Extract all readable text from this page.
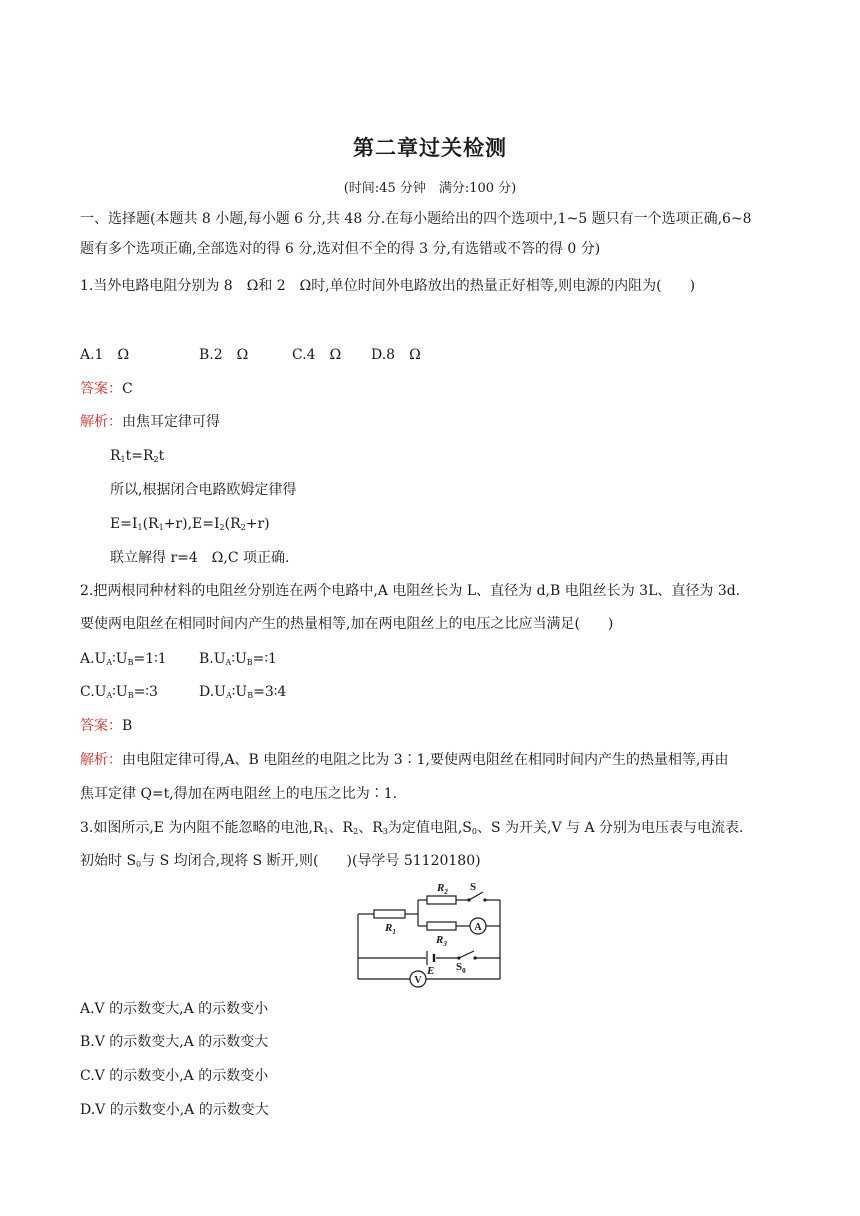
第二章过关检测
(时间:45 分钟　满分:100 分)
一、选择题(本题共 8 小题,每小题 6 分,共 48 分.在每小题给出的四个选项中,1~5 题只有一个选项正确,6~8
题有多个选项正确,全部选对的得 6 分,选对但不全的得 3 分,有选错或不答的得 0 分)
1.当外电路电阻分别为 8　Ω和 2　Ω时,单位时间外电路放出的热量正好相等,则电源的内阻为(　　)
A.1　Ω	B.2　Ω	C.4　Ω D.8　Ω
答案：C
解析：由焦耳定律可得
$R_1t=R_2t$
所以,根据闭合电路欧姆定律得
$E=I_1(R_1+r),E=I_2(R_2+r)$
联立解得 r=4　Ω,C 项正确.
2.把两根同种材料的电阻丝分别连在两个电路中,A 电阻丝长为 L、直径为 d,B 电阻丝长为 3L、直径为 3d.
要使两电阻丝在相同时间内产生的热量相等,加在两电阻丝上的电压之比应当满足(　　)
$A.U_A∶U_B=1∶1$ $B.U_A∶U_B=∶1$
$C.U_A∶U_B=∶3$	$D.U_A∶U_B=3∶4$
答案：B
解析：由电阻定律可得,A、B 电阻丝的电阻之比为 3∶1,要使两电阻丝在相同时间内产生的热量相等,再由
焦耳定律 Q=t,得加在两电阻丝上的电压之比为∶1.
3.如图所示,E 为内阻不能忽略的电池$,R_1$、$R_2$、$R_3$为定值电阻$,S_0$、S 为开关,V 与 A 分别为电压表与电流表.
初始时 $S_0$与 S 均闭合,现将 S 断开,则(　　)(导学号 51120180)
A
V
$R_1$
$R_2$
$R_3$
S
E $S_0$
A.V 的示数变大,A 的示数变小
B.V 的示数变大,A 的示数变大
C.V 的示数变小,A 的示数变小
D.V 的示数变小,A 的示数变大
